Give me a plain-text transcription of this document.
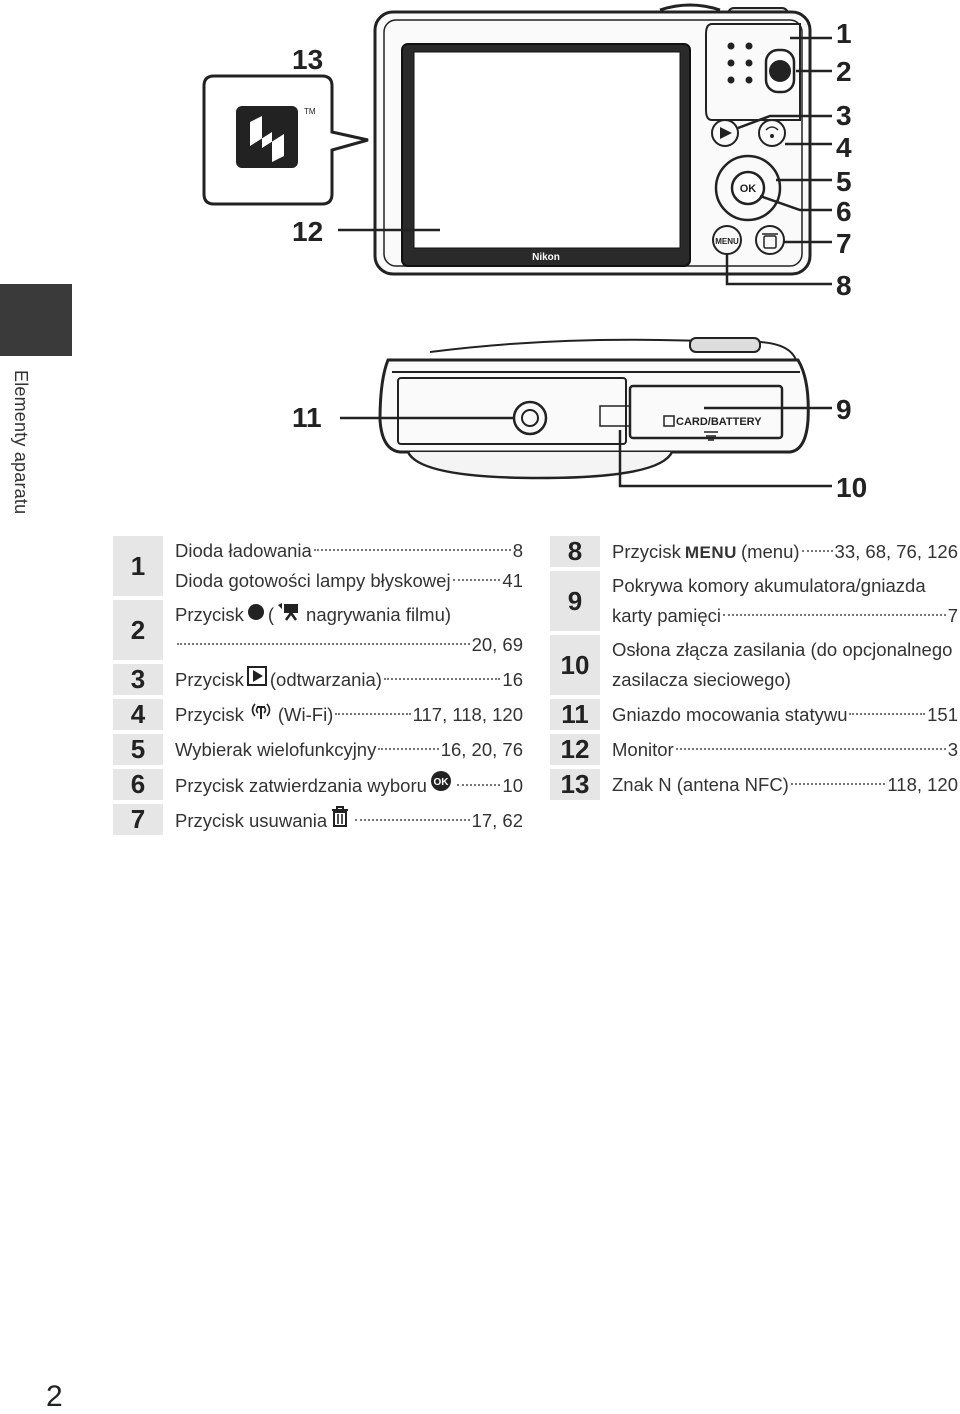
Elementy aparatu
MENU
OK
Nikon
TM
CARD/BATTERY
1
2
3
4
5
6
7
8
9
10
11
12
13
1	Dioda ładowania	8
Dioda gotowości lampy błyskowej	41
2	Przycisk ( nagrywania filmu)
20, 69
3	Przycisk (odtwarzania)	16
4	Przycisk (Wi-Fi)	117, 118, 120
5	Wybierak wielofunkcyjny	16, 20, 76
6	Przycisk zatwierdzania wyboru OK	10
7	Przycisk usuwania	17, 62
8	Przycisk MENU (menu) 33, 68, 76, 126
9	Pokrywa komory akumulatora/gniazda
karty pamięci	7
10	Osłona złącza zasilania (do opcjonalnego
zasilacza sieciowego)
11	Gniazdo mocowania statywu	151
12	Monitor	3
13	Znak N (antena NFC)	118, 120
2
